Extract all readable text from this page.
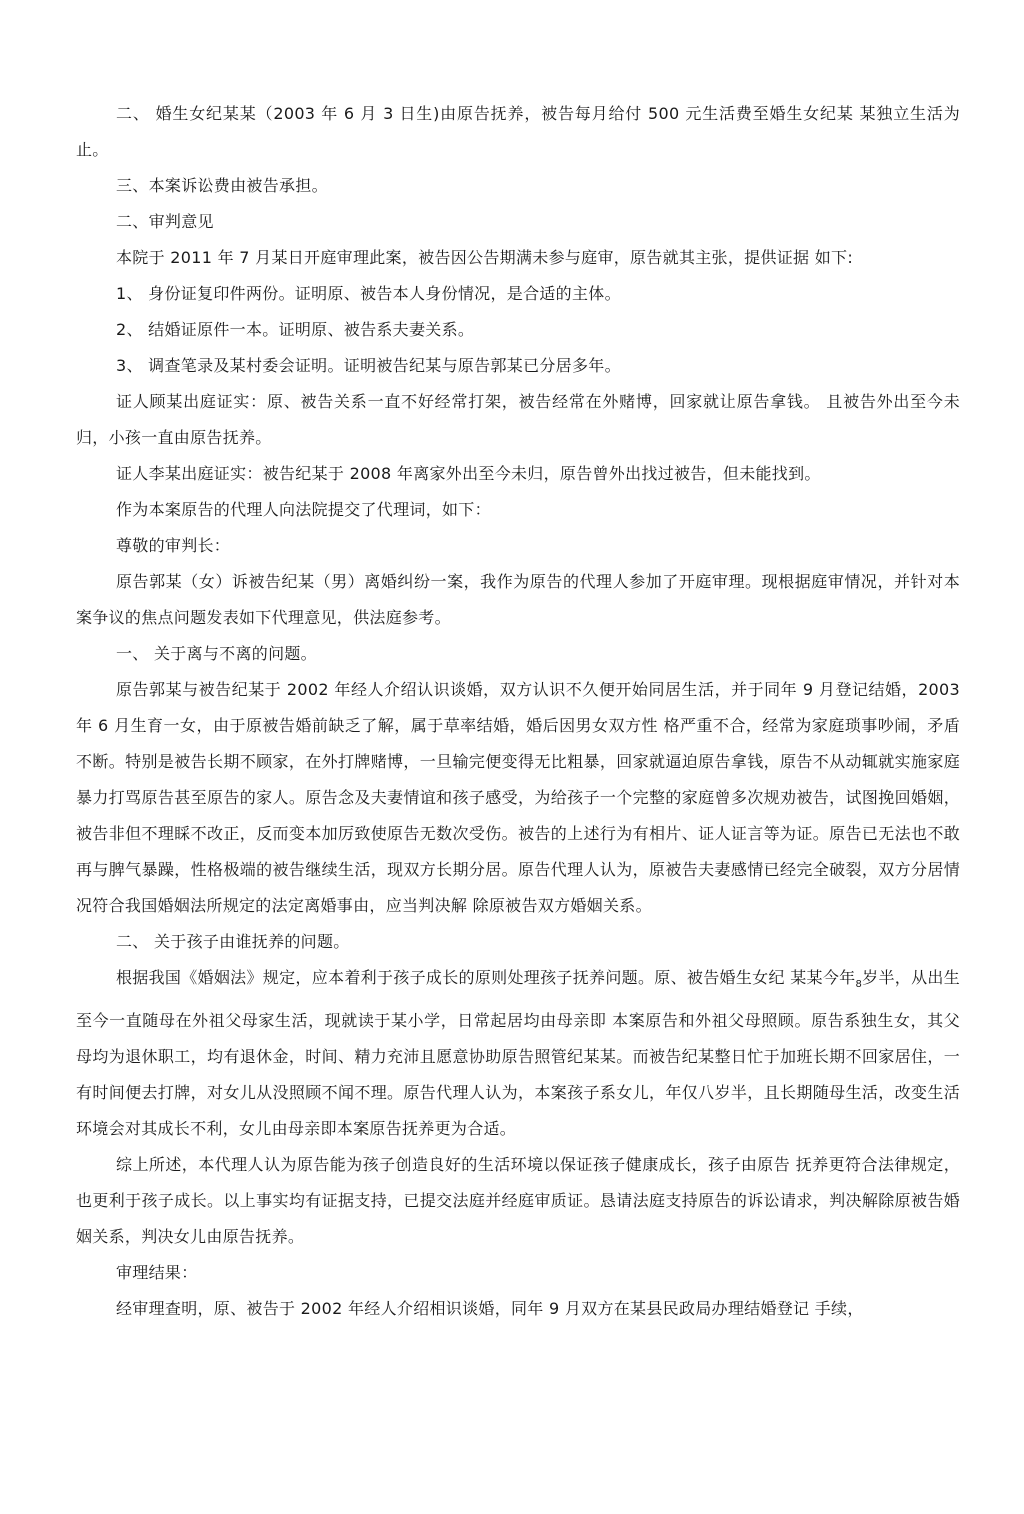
二、 婚生女纪某某（2003 年 6 月 3 日生)由原告抚养，被告每月给付 500 元生活费至婚生女纪某 某独立生活为止。

三、本案诉讼费由被告承担。

二、审判意见

本院于 2011 年 7 月某日开庭审理此案，被告因公告期满未参与庭审，原告就其主张，提供证据 如下:

1、 身份证复印件两份。证明原、被告本人身份情况，是合适的主体。

2、 结婚证原件一本。证明原、被告系夫妻关系。

3、 调查笔录及某村委会证明。证明被告纪某与原告郭某已分居多年。

证人顾某出庭证实：原、被告关系一直不好经常打架，被告经常在外赌博，回家就让原告拿钱。 且被告外出至今未归，小孩一直由原告抚养。

证人李某出庭证实：被告纪某于 2008 年离家外出至今未归，原告曾外出找过被告，但未能找到。

作为本案原告的代理人向法院提交了代理词，如下：

尊敬的审判长：

原告郭某（女）诉被告纪某（男）离婚纠纷一案，我作为原告的代理人参加了开庭审理。现根据庭审情况，并针对本案争议的焦点问题发表如下代理意见，供法庭参考。

一、 关于离与不离的问题。

原告郭某与被告纪某于 2002 年经人介绍认识谈婚，双方认识不久便开始同居生活，并于同年 9 月登记结婚，2003 年 6 月生育一女，由于原被告婚前缺乏了解，属于草率结婚，婚后因男女双方性 格严重不合，经常为家庭琐事吵闹，矛盾不断。特别是被告长期不顾家，在外打牌赌博，一旦输完便变得无比粗暴，回家就逼迫原告拿钱，原告不从动辄就实施家庭暴力打骂原告甚至原告的家人。原告念及夫妻情谊和孩子感受，为给孩子一个完整的家庭曾多次规劝被告，试图挽回婚姻，被告非但不理睬不改正，反而变本加厉致使原告无数次受伤。被告的上述行为有相片、证人证言等为证。原告已无法也不敢再与脾气暴躁，性格极端的被告继续生活，现双方长期分居。原告代理人认为，原被告夫妻感情已经完全破裂，双方分居情况符合我国婚姻法所规定的法定离婚事由，应当判决解 除原被告双方婚姻关系。

二、 关于孩子由谁抚养的问题。

根据我国《婚姻法》规定，应本着利于孩子成长的原则处理孩子抚养问题。原、被告婚生女纪 某某今年$_8$岁半，从出生至今一直随母在外祖父母家生活，现就读于某小学，日常起居均由母亲即 本案原告和外祖父母照顾。原告系独生女，其父母均为退休职工，均有退休金，时间、精力充沛且愿意协助原告照管纪某某。而被告纪某整日忙于加班长期不回家居住，一有时间便去打牌，对女儿从没照顾不闻不理。原告代理人认为，本案孩子系女儿，年仅八岁半，且长期随母生活，改变生活环境会对其成长不利，女儿由母亲即本案原告抚养更为合适。

综上所述，本代理人认为原告能为孩子创造良好的生活环境以保证孩子健康成长，孩子由原告 抚养更符合法律规定，也更利于孩子成长。以上事实均有证据支持，已提交法庭并经庭审质证。恳请法庭支持原告的诉讼请求，判决解除原被告婚姻关系，判决女儿由原告抚养。

审理结果：

经审理查明，原、被告于 2002 年经人介绍相识谈婚，同年 9 月双方在某县民政局办理结婚登记 手续，
